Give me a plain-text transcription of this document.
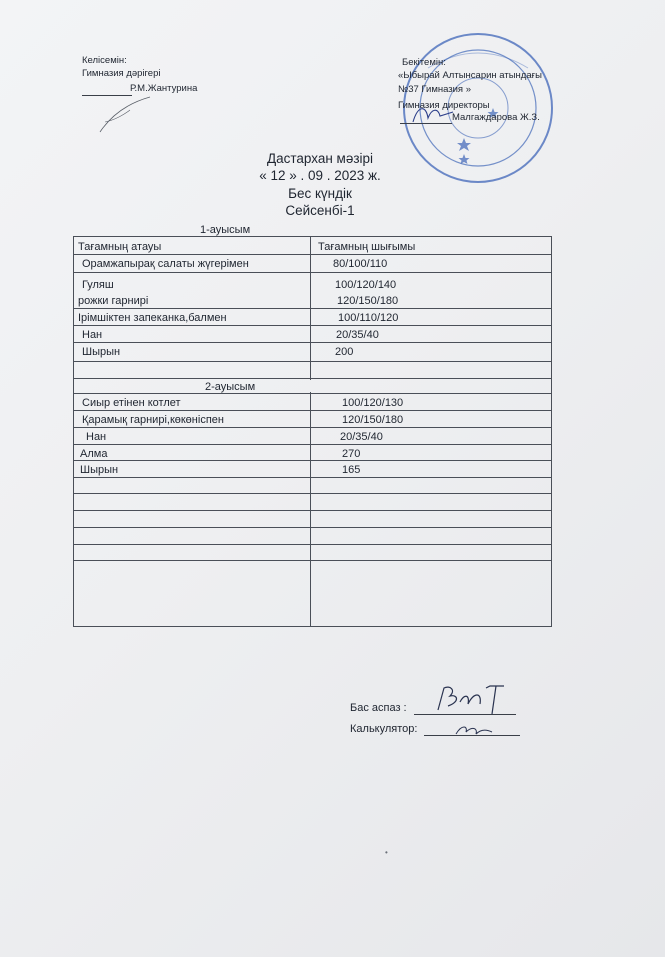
Келісемін:
Гимназия дәрігері
Р.М.Жантурина
Бекітемін:
«Ыбырай Алтынсарин атындағы
№37 Гимназия »
Гимназия директоры
Малгаждарова Ж.З.
Дастархан мәзірі
« 12 » . 09 . 2023 ж.
Бес күндік
Сейсенбі-1
1-ауысым
Тағамның атауы	Тағамның шығымы
Орамжапырақ салаты жүгерімен	80/100/110
Гуляш	100/120/140
рожки гарнирі	120/150/180
Ірімшіктен запеканка,балмен	100/110/120
Нан	20/35/40
Шырын	200
2-ауысым
Сиыр етінен котлет	100/120/130
Қарамық гарнирі,көкөніспен	120/150/180
Нан	20/35/40
Алма	270
Шырын	165
Бас аспаз :
Калькулятор:
•
